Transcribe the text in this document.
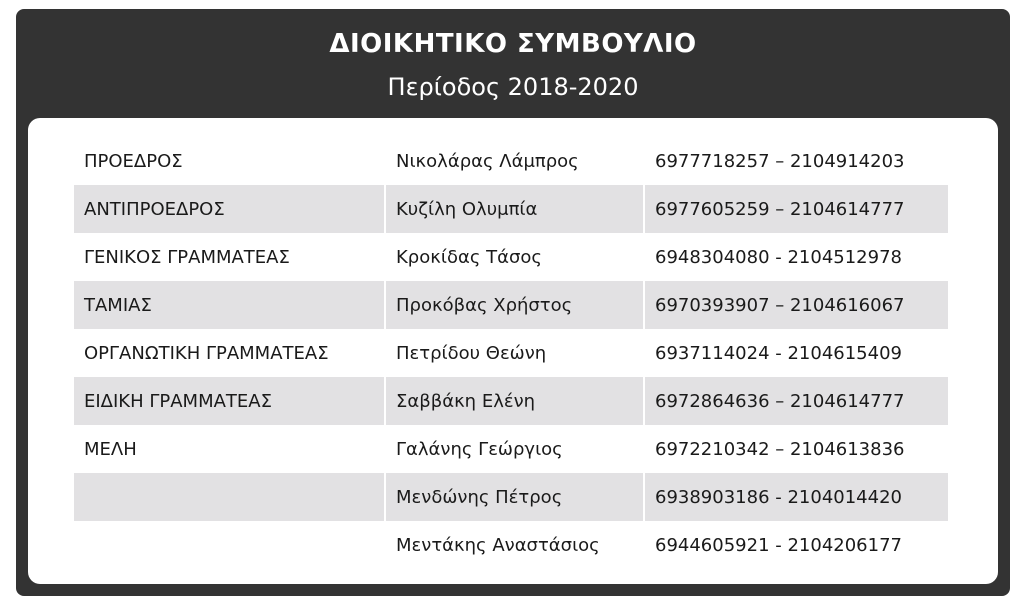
ΔΙΟΙΚΗΤΙΚΟ ΣΥΜΒΟΥΛΙΟ
Περίοδος 2018-2020
ΠΡΟΕΔΡΟΣ	Νικολάρας Λάμπρος	6977718257 – 2104914203
ΑΝΤΙΠΡΟΕΔΡΟΣ	Κυζίλη Ολυμπία	6977605259 – 2104614777
ΓΕΝΙΚΟΣ ΓΡΑΜΜΑΤΕΑΣ	Κροκίδας Τάσος	6948304080 - 2104512978
ΤΑΜΙΑΣ	Προκόβας Χρήστος	6970393907 – 2104616067
ΟΡΓΑΝΩΤΙΚΗ ΓΡΑΜΜΑΤΕΑΣ	Πετρίδου Θεώνη	6937114024 - 2104615409
ΕΙΔΙΚΗ ΓΡΑΜΜΑΤΕΑΣ	Σαββάκη Ελένη	6972864636 – 2104614777
ΜΕΛΗ	Γαλάνης Γεώργιος	6972210342 – 2104613836
	Μενδώνης Πέτρος	6938903186 - 2104014420
	Μεντάκης Αναστάσιος	6944605921 - 2104206177
